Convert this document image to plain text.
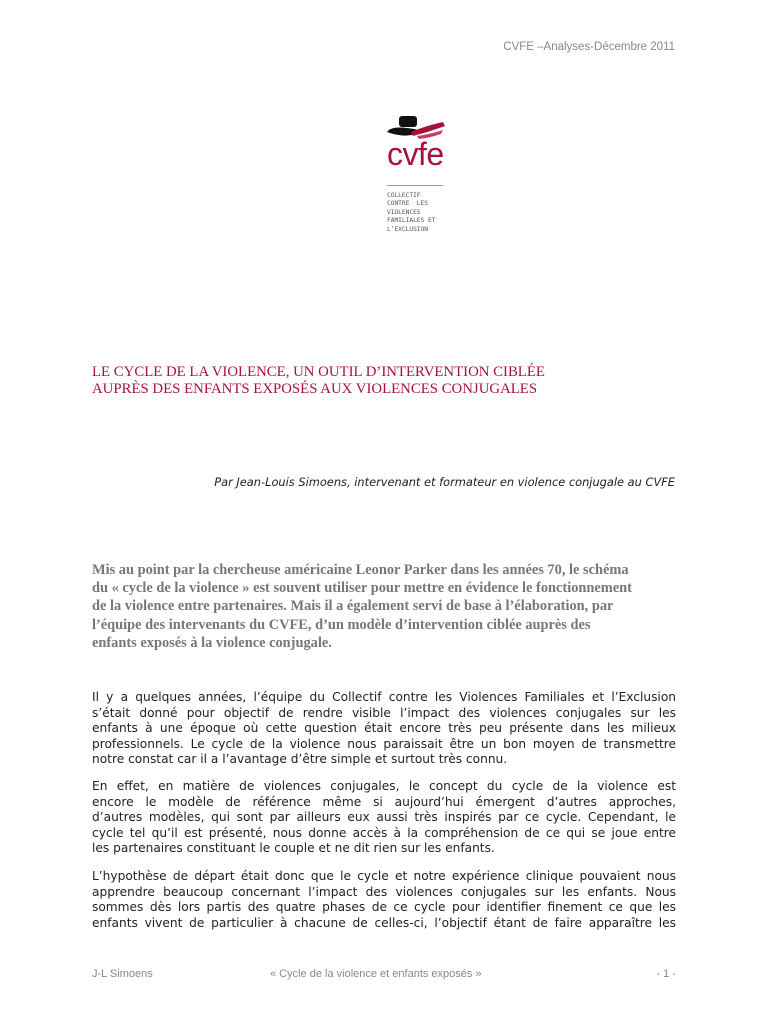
CVFE –Analyses-Décembre 2011
cvfe
COLLECTIF
CONTRE  LES
VIOLENCES
FAMILIALES ET
L’EXCLUSION
LE CYCLE DE LA VIOLENCE, UN OUTIL D’INTERVENTION CIBLÉE
AUPRÈS DES ENFANTS EXPOSÉS AUX VIOLENCES CONJUGALES
Par Jean-Louis Simoens, intervenant et formateur en violence conjugale au CVFE
Mis au point par la chercheuse américaine Leonor Parker dans les années 70, le schéma
du « cycle de la violence » est souvent utiliser pour mettre en évidence le fonctionnement
de la violence entre partenaires. Mais il a également servi de base à l’élaboration, par
l’équipe des intervenants du CVFE, d’un modèle d’intervention ciblée auprès des
enfants exposés à la violence conjugale.
Il y a quelques années, l’équipe du Collectif contre les Violences Familiales et l’Exclusion
s’était donné pour objectif de rendre visible l’impact des violences conjugales sur les
enfants à une époque où cette question était encore très peu présente dans les milieux
professionnels. Le cycle de la violence nous paraissait être un bon moyen de transmettre
notre constat car il a l’avantage d’être simple et surtout très connu.
En effet, en matière de violences conjugales, le concept du cycle de la violence est
encore le modèle de référence même si aujourd’hui émergent d’autres approches,
d’autres modèles, qui sont par ailleurs eux aussi très inspirés par ce cycle. Cependant, le
cycle tel qu’il est présenté, nous donne accès à la compréhension de ce qui se joue entre
les partenaires constituant le couple et ne dit rien sur les enfants.
L’hypothèse de départ était donc que le cycle et notre expérience clinique pouvaient nous
apprendre beaucoup concernant l’impact des violences conjugales sur les enfants. Nous
sommes dès lors partis des quatre phases de ce cycle pour identifier finement ce que les
enfants vivent de particulier à chacune de celles-ci, l’objectif étant de faire apparaître les
J-L Simoens	« Cycle de la violence et enfants exposés »	- 1 -
